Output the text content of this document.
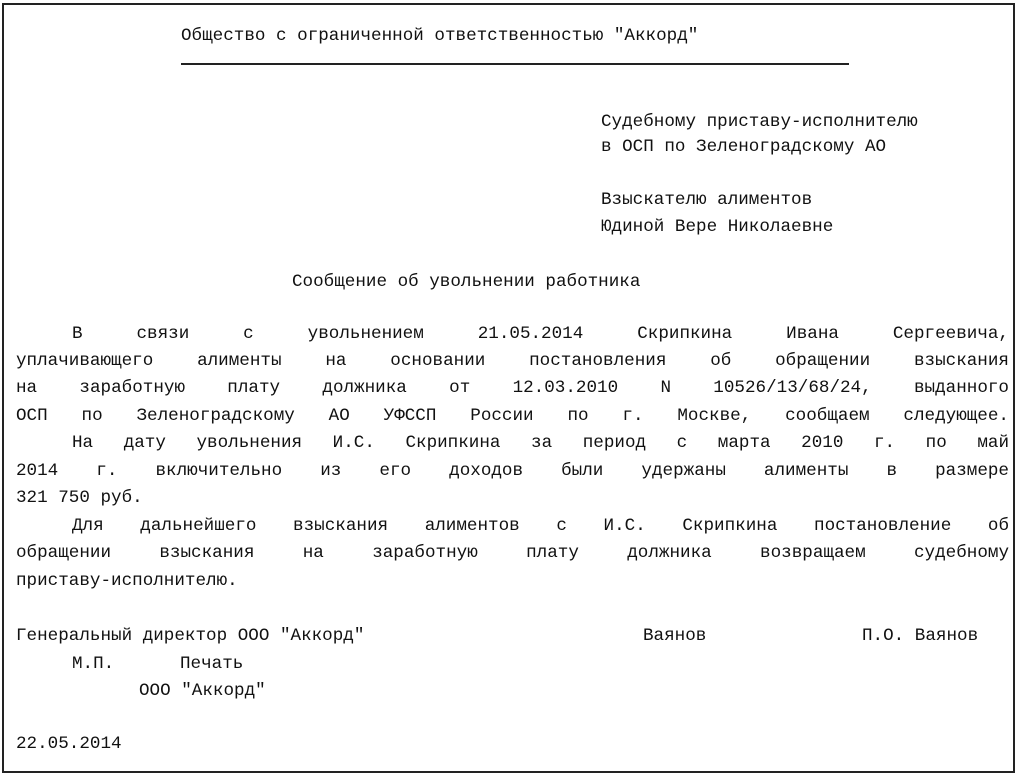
Общество с ограниченной ответственностью "Аккорд"
Судебному приставу-исполнителю
в ОСП по Зеленоградскому АО
Взыскателю алиментов
Юдиной Вере Николаевне
Сообщение об увольнении работника
В связи с увольнением 21.05.2014 Скрипкина Ивана Сергеевича,
уплачивающего алименты на основании постановления об обращении взыскания
на заработную плату должника от 12.03.2010 N 10526/13/68/24, выданного
ОСП по Зеленоградскому АО УФССП России по г. Москве, сообщаем следующее.
На дату увольнения И.С. Скрипкина за период с марта 2010 г. по май
2014 г. включительно из его доходов были удержаны алименты в размере
321 750 руб.
Для дальнейшего взыскания алиментов с И.С. Скрипкина постановление об
обращении взыскания на заработную плату должника возвращаем судебному
приставу-исполнителю.
Генеральный директор ООО "Аккорд"	Ваянов	П.О. Ваянов
М.П.	Печать
ООО "Аккорд"
22.05.2014
